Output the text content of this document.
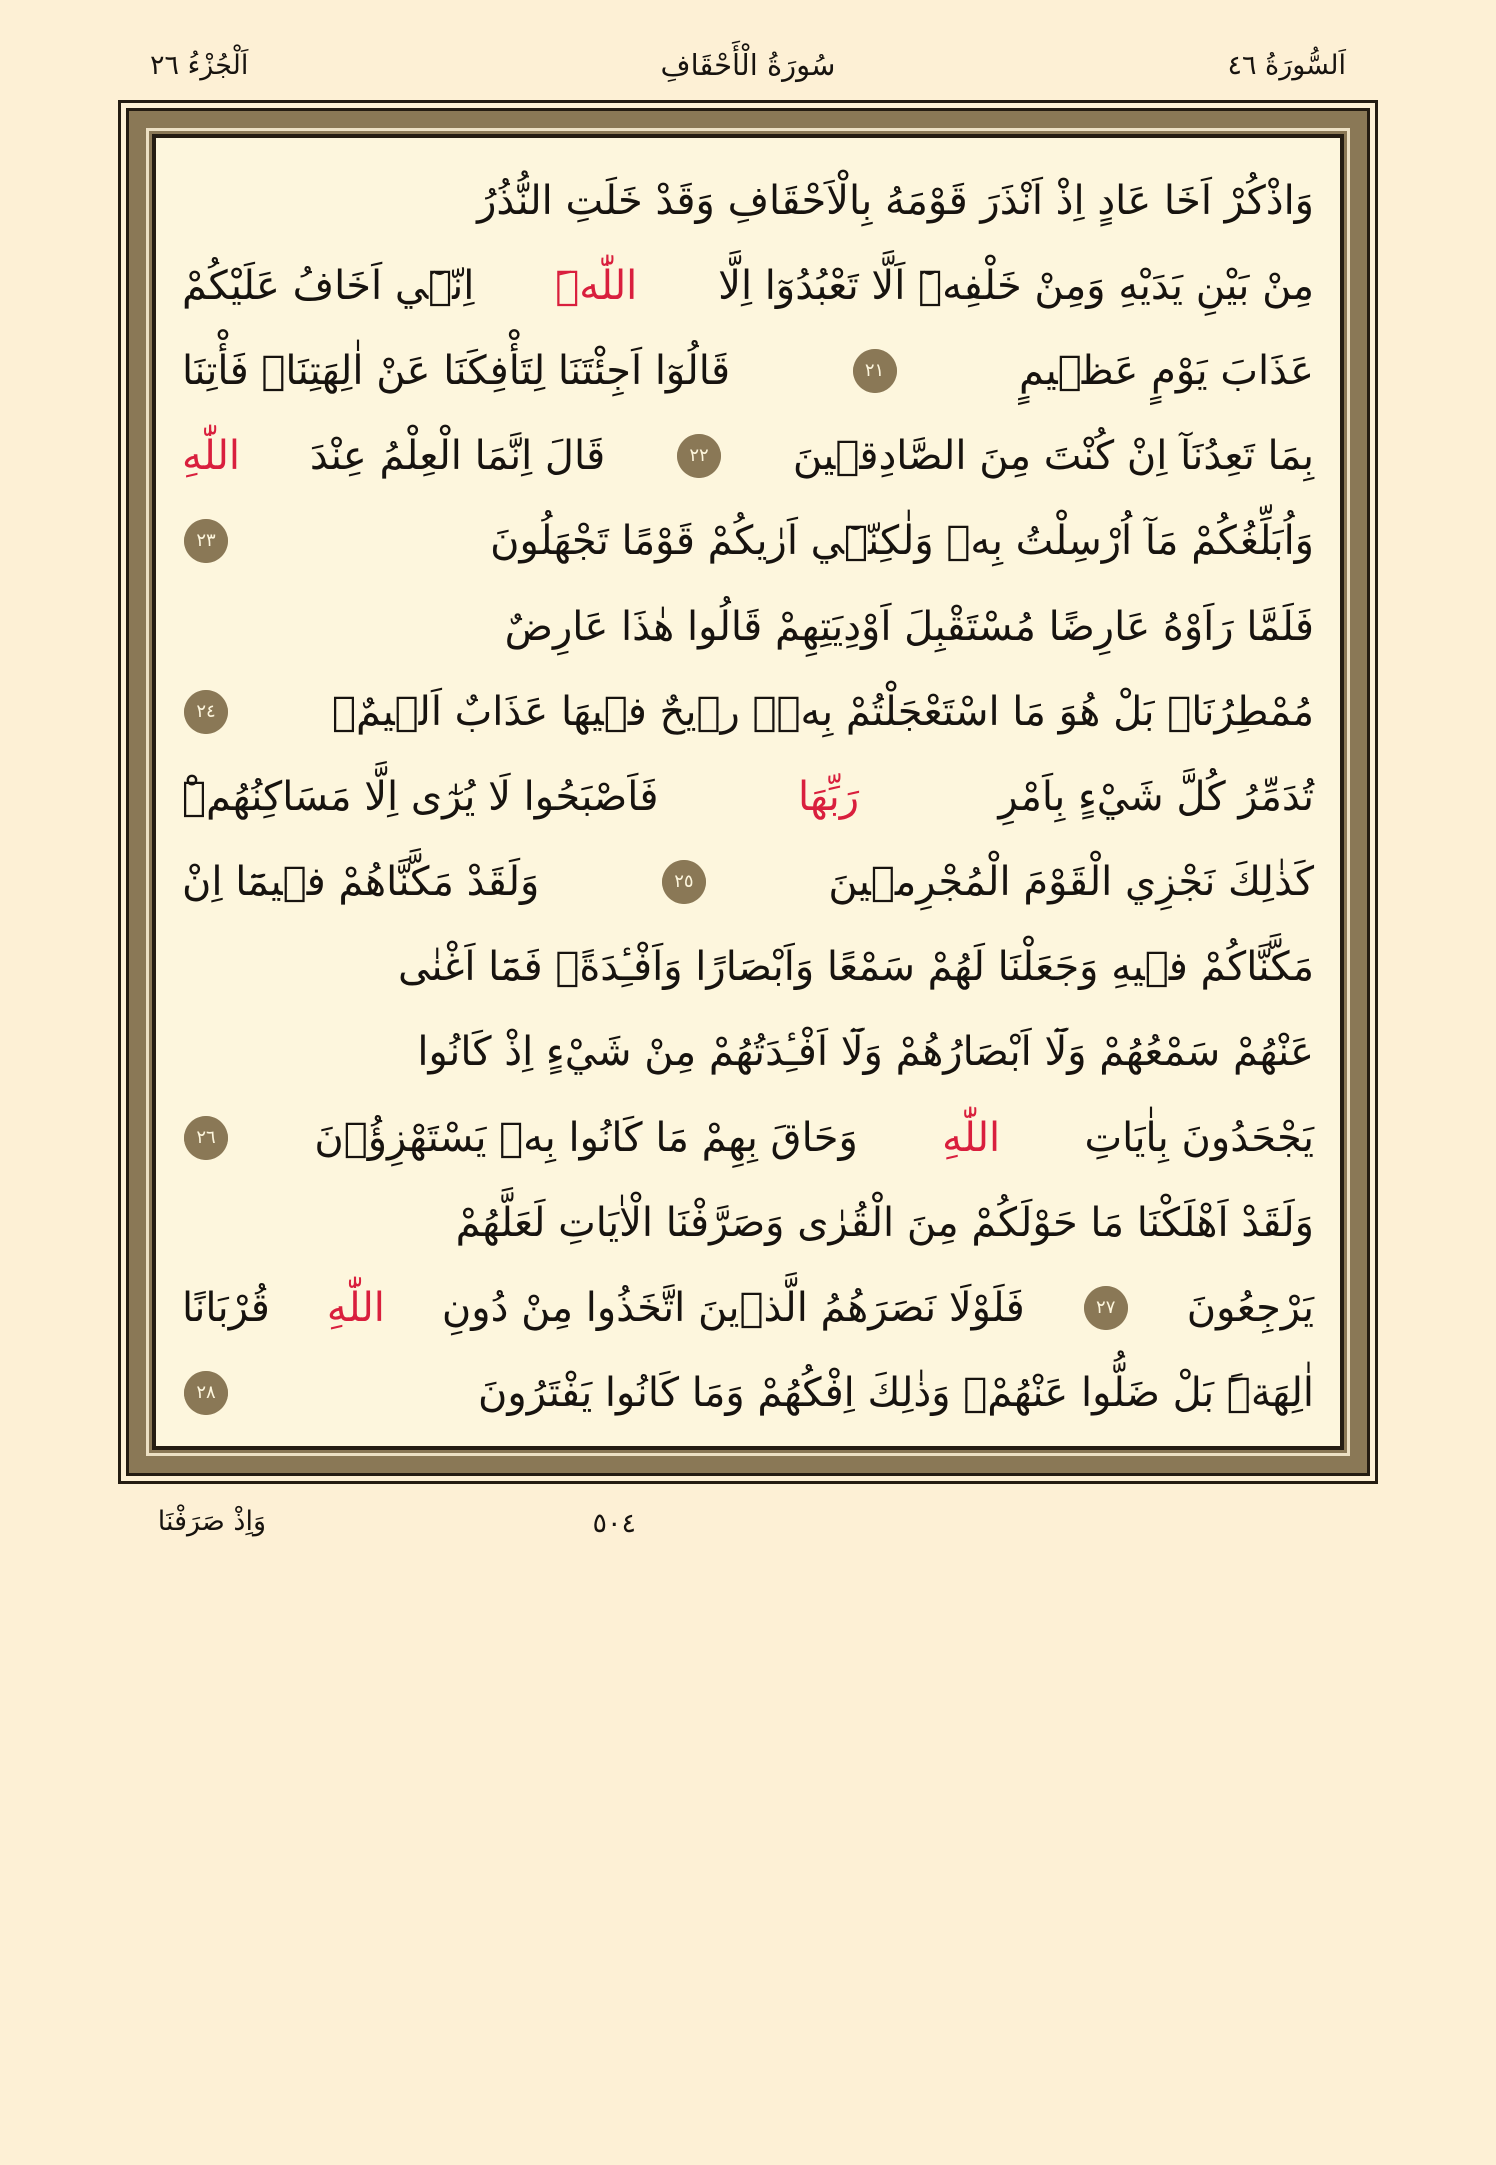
اَلْجُزْءُ ٢٦	سُورَةُ الْأَحْقَافِ	اَلسُّورَةُ ٤٦
وَاذْكُرْ اَخَا عَادٍ اِذْ اَنْذَرَ قَوْمَهُ بِالْاَحْقَافِ وَقَدْ خَلَتِ النُّذُرُ
مِنْ بَيْنِ يَدَيْهِ وَمِنْ خَلْفِهٖٓ اَلَّا تَعْبُدُوٓا اِلَّا
اللّٰهَۜ
اِنّ۪ٓي اَخَافُ عَلَيْكُمْ
عَذَابَ يَوْمٍ عَظ۪يمٍ
٢١
قَالُوٓا اَجِئْتَنَا لِتَأْفِكَنَا عَنْ اٰلِهَتِنَاۚ فَأْتِنَا
بِمَا تَعِدُنَآ اِنْ كُنْتَ مِنَ الصَّادِق۪ينَ
٢٢
قَالَ اِنَّمَا الْعِلْمُ عِنْدَ
اللّٰهِ
وَاُبَلِّغُكُمْ مَآ اُرْسِلْتُ بِه۪ وَلٰكِنّ۪ٓي اَرٰيكُمْ قَوْمًا تَجْهَلُونَ
٢٣
فَلَمَّا رَاَوْهُ عَارِضًا مُسْتَقْبِلَ اَوْدِيَتِهِمْ قَالُوا هٰذَا عَارِضٌ
مُمْطِرُنَاۜ بَلْ هُوَ مَا اسْتَعْجَلْتُمْ بِه۪ۜ ر۪يحٌ ف۪يهَا عَذَابٌ اَل۪يمٌۙ
٢٤
تُدَمِّرُ كُلَّ شَيْءٍ بِاَمْرِ
رَبِّهَا
فَاَصْبَحُوا لَا يُرٰٓى اِلَّا مَسَاكِنُهُمْۜ
كَذٰلِكَ نَجْزِي الْقَوْمَ الْمُجْرِم۪ينَ
٢٥
وَلَقَدْ مَكَّنَّاهُمْ ف۪يمَٓا اِنْ
مَكَّنَّاكُمْ ف۪يهِ وَجَعَلْنَا لَهُمْ سَمْعًا وَاَبْصَارًا وَاَفْـِٔدَةًۖ فَمَٓا اَغْنٰى
عَنْهُمْ سَمْعُهُمْ وَلَٓا اَبْصَارُهُمْ وَلَٓا اَفْـِٔدَتُهُمْ مِنْ شَيْءٍ اِذْ كَانُوا
يَجْحَدُونَ بِاٰيَاتِ
اللّٰهِ
وَحَاقَ بِهِمْ مَا كَانُوا بِه۪ يَسْتَهْزِؤُ۫نَ
٢٦
وَلَقَدْ اَهْلَكْنَا مَا حَوْلَكُمْ مِنَ الْقُرٰى وَصَرَّفْنَا الْاٰيَاتِ لَعَلَّهُمْ
يَرْجِعُونَ
٢٧
فَلَوْلَا نَصَرَهُمُ الَّذ۪ينَ اتَّخَذُوا مِنْ دُونِ
اللّٰهِ
قُرْبَانًا
اٰلِهَةًۜ بَلْ ضَلُّوا عَنْهُمْۚ وَذٰلِكَ اِفْكُهُمْ وَمَا كَانُوا يَفْتَرُونَ
٢٨
٥٠٤
وَاِذْ صَرَفْنَا
